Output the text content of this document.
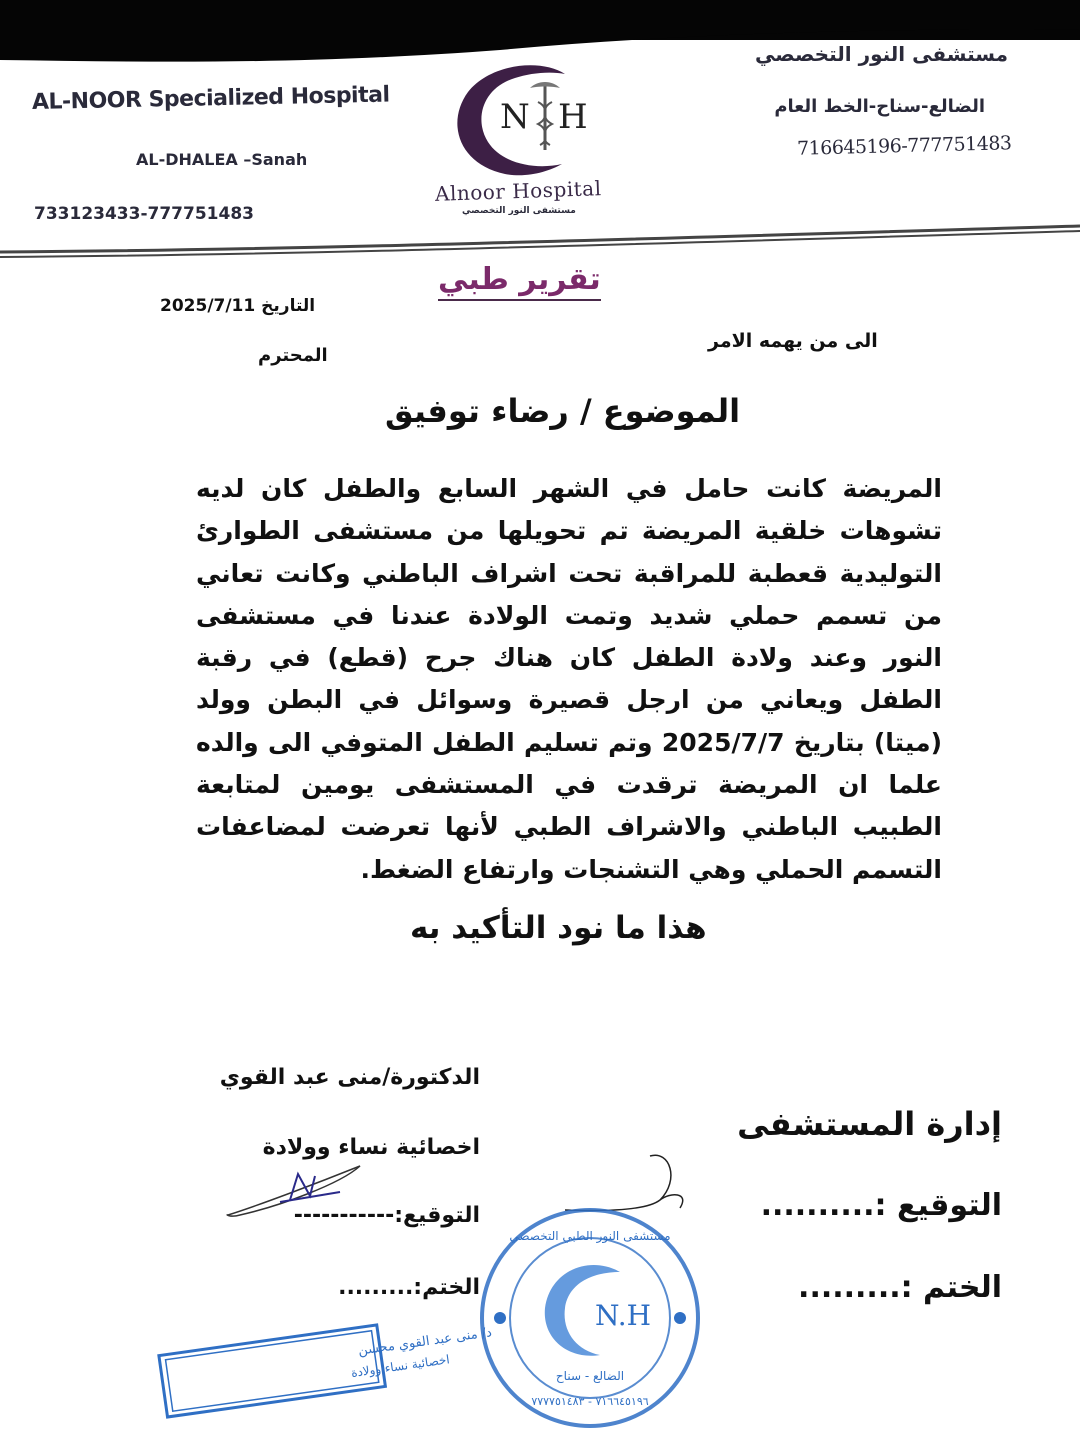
AL-NOOR Specialized Hospital
AL-DHALEA –Sanah
733123433-777751483
مستشفى النور التخصصي
الضالع-سناح-الخط العام
716645196-777751483
N H
Alnoor Hospital
مستشفى النور التخصصي
تقرير طبي
التاريخ 2025/7/11
المحترم
الى من يهمه الامر
الموضوع / رضاء توفيق
المريضة كانت حامل في الشهر السابع والطفل كان لديه تشوهات خلقية المريضة تم تحويلها من مستشفى الطوارئ التوليدية قعطبة للمراقبة تحت اشراف الباطني وكانت تعاني من تسمم حملي شديد وتمت الولادة عندنا في مستشفى النور وعند ولادة الطفل كان هناك جرح (قطع) في رقبة الطفل ويعاني من ارجل قصيرة وسوائل في البطن وولد (ميتا) بتاريخ 2025/7/7 وتم تسليم الطفل المتوفي الى والده علما ان المريضة ترقدت في المستشفى يومين لمتابعة الطبيب الباطني والاشراف الطبي لأنها تعرضت لمضاعفات التسمم الحملي وهي التشنجات وارتفاع الضغط.
هذا ما نود التأكيد به
الدكتورة/منى عبد القوي
اخصائية نساء وولادة
التوقيع:-----------
الختم:.........
د/ منى عبد القوي محسن
اخصائية نساء وولادة
إدارة المستشفى
التوقيع :..........
الختم :.........
N.H
مستشفى النور الطبي التخصصي
الضالع - سناح
٧١٦٦٤٥١٩٦ - ٧٧٧٧٥١٤٨٣
